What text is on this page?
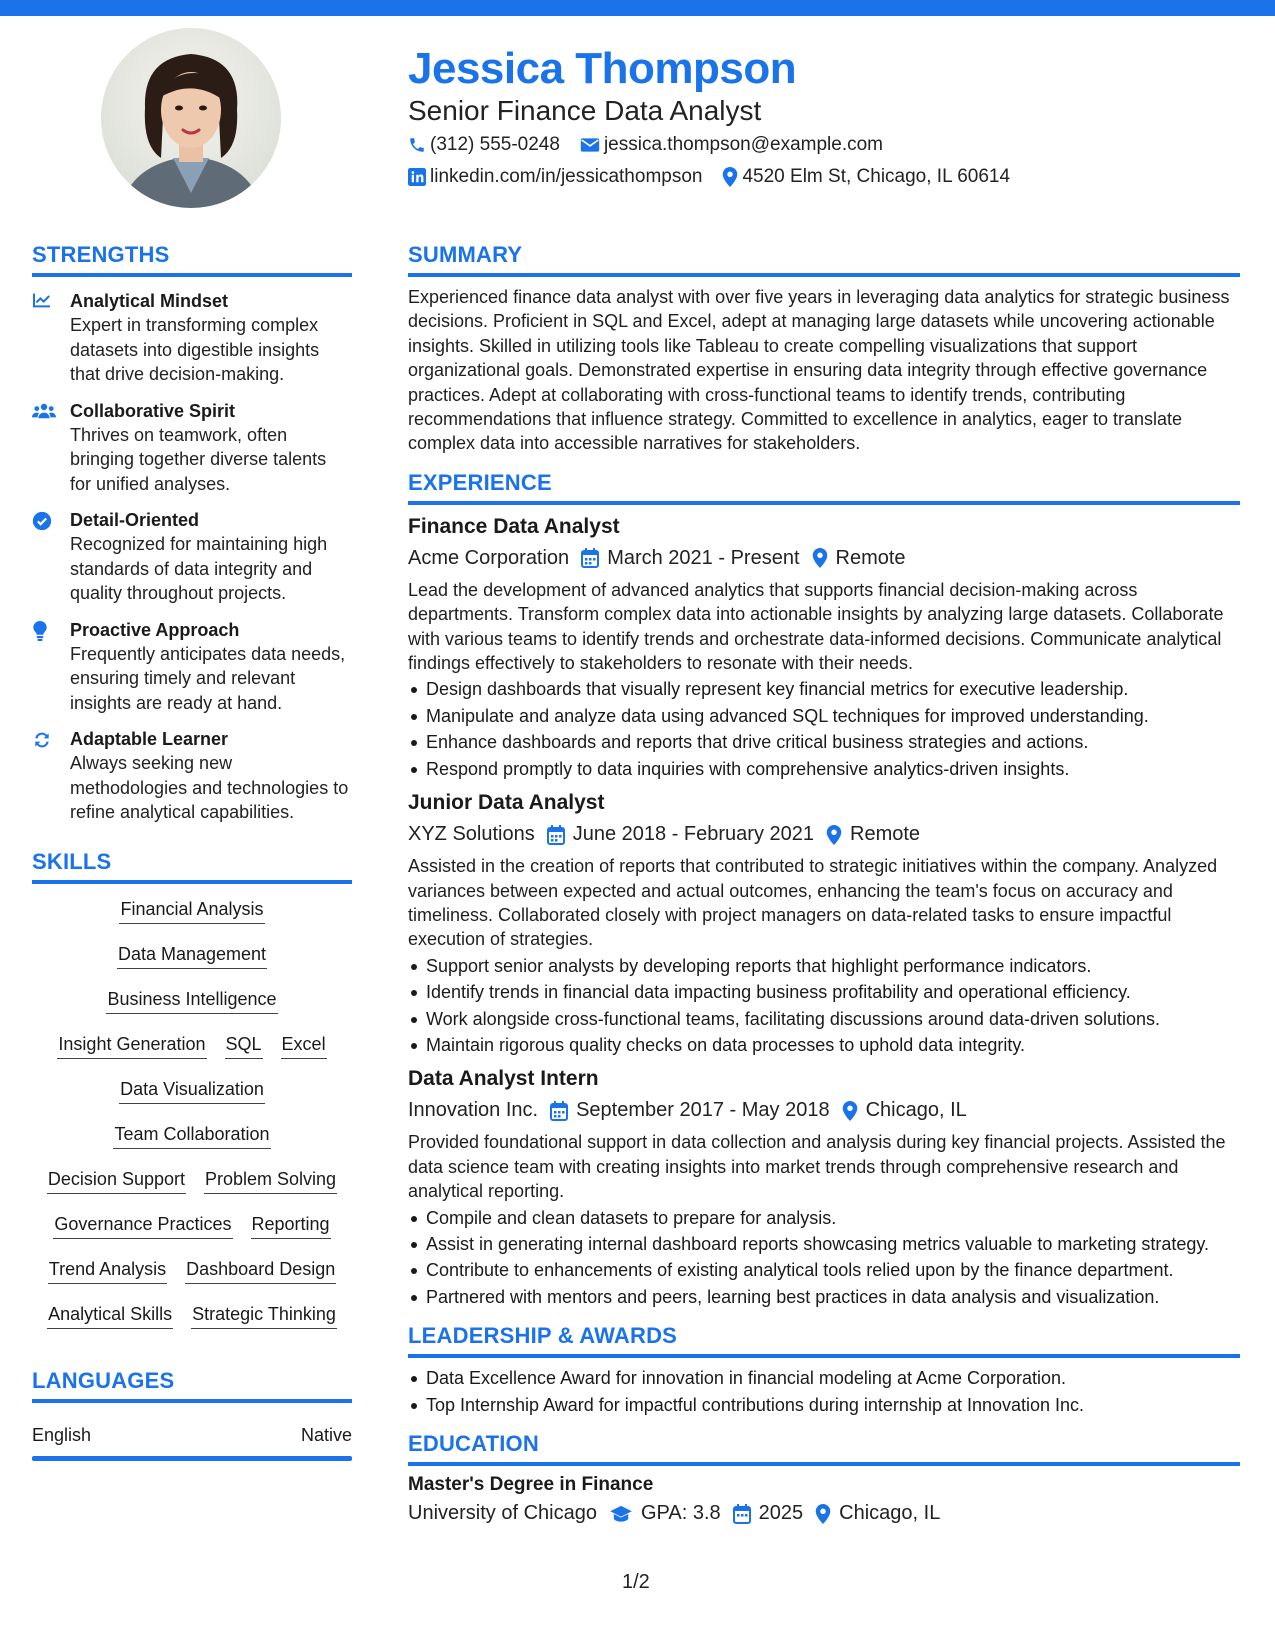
Jessica Thompson
Senior Finance Data Analyst
(312) 555-0248 jessica.thompson@example.com
linkedin.com/in/jessicathompson 4520 Elm St, Chicago, IL 60614
STRENGTHS
Analytical Mindset
Expert in transforming complex datasets into digestible insights that drive decision-making.
Collaborative Spirit
Thrives on teamwork, often bringing together diverse talents for unified analyses.
Detail-Oriented
Recognized for maintaining high standards of data integrity and quality throughout projects.
Proactive Approach
Frequently anticipates data needs, ensuring timely and relevant insights are ready at hand.
Adaptable Learner
Always seeking new methodologies and technologies to refine analytical capabilities.
SKILLS
Financial Analysis
Data Management
Business Intelligence
Insight Generation SQL Excel
Data Visualization
Team Collaboration
Decision Support Problem Solving
Governance Practices Reporting
Trend Analysis Dashboard Design
Analytical Skills Strategic Thinking
LANGUAGES
English	Native
SUMMARY
Experienced finance data analyst with over five years in leveraging data analytics for strategic business decisions. Proficient in SQL and Excel, adept at managing large datasets while uncovering actionable insights. Skilled in utilizing tools like Tableau to create compelling visualizations that support organizational goals. Demonstrated expertise in ensuring data integrity through effective governance practices. Adept at collaborating with cross-functional teams to identify trends, contributing recommendations that influence strategy. Committed to excellence in analytics, eager to translate complex data into accessible narratives for stakeholders.
EXPERIENCE
Finance Data Analyst
Acme Corporation March 2021 - Present Remote
Lead the development of advanced analytics that supports financial decision-making across departments. Transform complex data into actionable insights by analyzing large datasets. Collaborate with various teams to identify trends and orchestrate data-informed decisions. Communicate analytical findings effectively to stakeholders to resonate with their needs.
Design dashboards that visually represent key financial metrics for executive leadership.
Manipulate and analyze data using advanced SQL techniques for improved understanding.
Enhance dashboards and reports that drive critical business strategies and actions.
Respond promptly to data inquiries with comprehensive analytics-driven insights.
Junior Data Analyst
XYZ Solutions June 2018 - February 2021 Remote
Assisted in the creation of reports that contributed to strategic initiatives within the company. Analyzed variances between expected and actual outcomes, enhancing the team's focus on accuracy and timeliness. Collaborated closely with project managers on data-related tasks to ensure impactful execution of strategies.
Support senior analysts by developing reports that highlight performance indicators.
Identify trends in financial data impacting business profitability and operational efficiency.
Work alongside cross-functional teams, facilitating discussions around data-driven solutions.
Maintain rigorous quality checks on data processes to uphold data integrity.
Data Analyst Intern
Innovation Inc. September 2017 - May 2018 Chicago, IL
Provided foundational support in data collection and analysis during key financial projects. Assisted the data science team with creating insights into market trends through comprehensive research and analytical reporting.
Compile and clean datasets to prepare for analysis.
Assist in generating internal dashboard reports showcasing metrics valuable to marketing strategy.
Contribute to enhancements of existing analytical tools relied upon by the finance department.
Partnered with mentors and peers, learning best practices in data analysis and visualization.
LEADERSHIP & AWARDS
Data Excellence Award for innovation in financial modeling at Acme Corporation.
Top Internship Award for impactful contributions during internship at Innovation Inc.
EDUCATION
Master's Degree in Finance
University of Chicago GPA: 3.8 2025 Chicago, IL
1/2
